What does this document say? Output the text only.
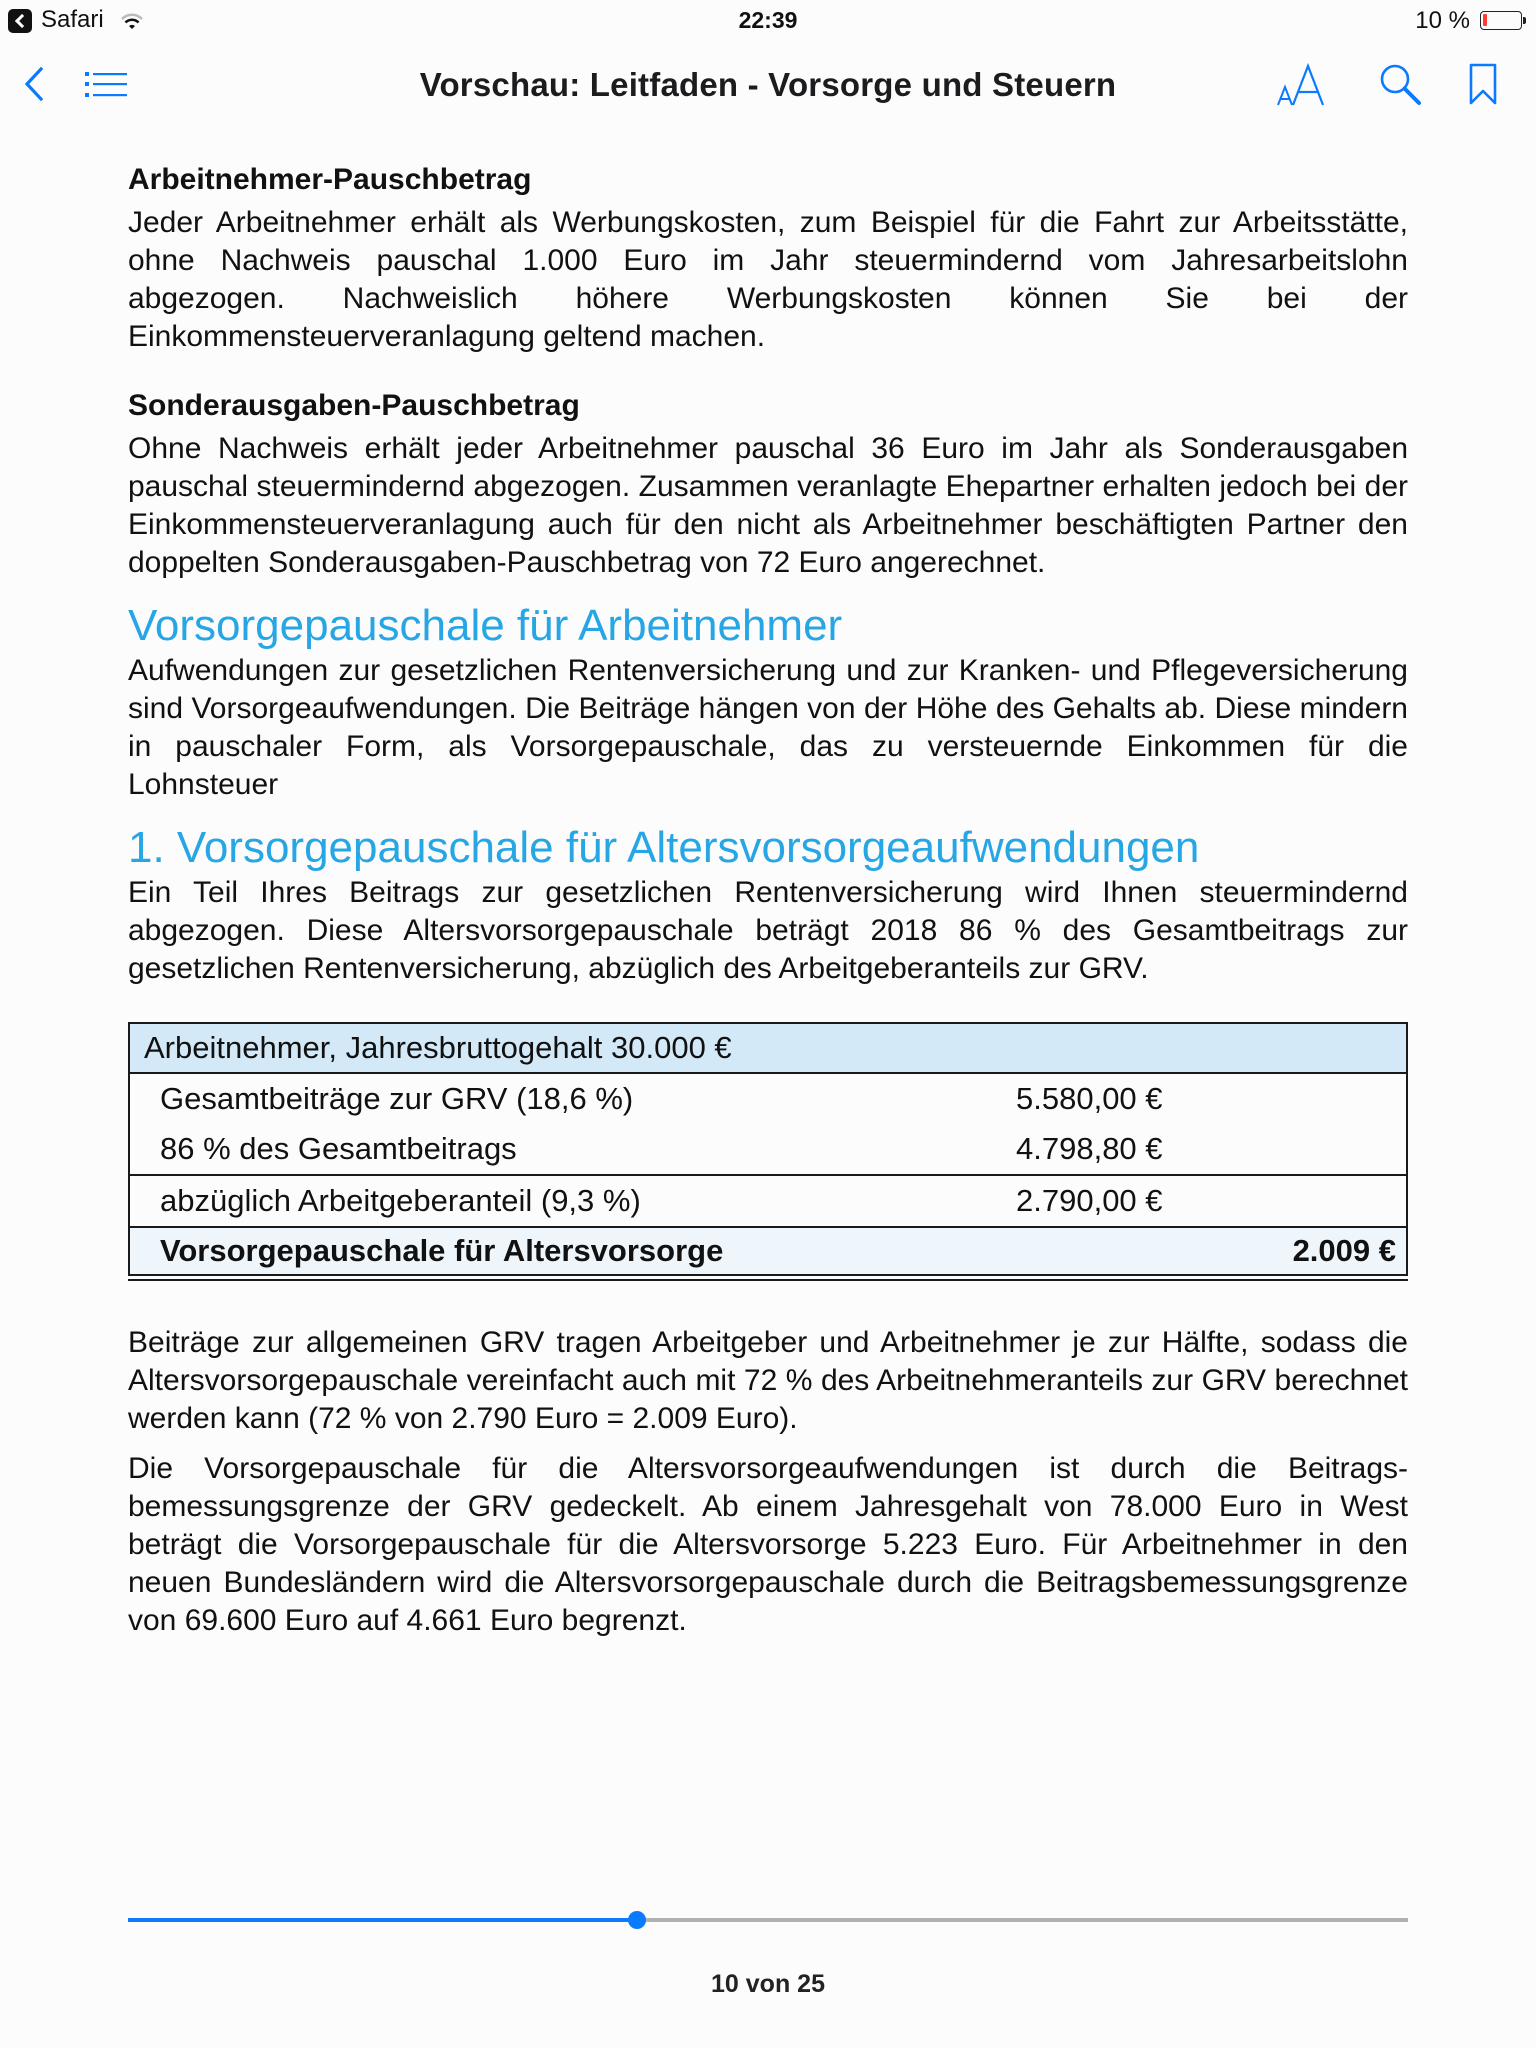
Safari	22:39	10 %
Vorschau: Leitfaden - Vorsorge und Steuern
Arbeitnehmer-Pauschbetrag

Jeder Arbeitnehmer erhält als Werbungskosten, zum Beispiel für die Fahrt zur Arbeitsstätte, ohne Nachweis pauschal 1.000 Euro im Jahr steuermindernd vom Jahresarbeitslohn abgezogen. Nachweislich höhere Werbungskosten können Sie bei der Einkommensteuerveranlagung geltend machen.

Sonderausgaben-Pauschbetrag

Ohne Nachweis erhält jeder Arbeitnehmer pauschal 36 Euro im Jahr als Sonderausgaben pauschal steuermindernd abgezogen. Zusammen veranlagte Ehepartner erhalten jedoch bei der Einkommensteuerveranlagung auch für den nicht als Arbeitnehmer beschäftigten Partner den doppelten Sonderausgaben-Pauschbetrag von 72 Euro angerechnet.

Vorsorgepauschale für Arbeitnehmer

Aufwendungen zur gesetzlichen Rentenversicherung und zur Kranken- und Pflegeversicherung sind Vorsorgeaufwendungen. Die Beiträge hängen von der Höhe des Gehalts ab. Diese mindern in pauschaler Form, als Vorsorgepauschale, das zu versteuernde Einkommen für die Lohnsteuer

1. Vorsorgepauschale für Altersvorsorgeaufwendungen

Ein Teil Ihres Beitrags zur gesetzlichen Rentenversicherung wird Ihnen steuermindernd abgezogen. Diese Altersvorsorgepauschale beträgt 2018 86 % des Gesamtbeitrags zur gesetzlichen Rentenversicherung, abzüglich des Arbeitgeberanteils zur GRV.

Arbeitnehmer, Jahresbruttogehalt 30.000 €	
Gesamtbeiträge zur GRV (18,6 %)	5.580,00 €
86 % des Gesamtbeitrags	4.798,80 €
abzüglich Arbeitgeberanteil (9,3 %)	2.790,00 €
Vorsorgepauschale für Altersvorsorge	2.009 €

Beiträge zur allgemeinen GRV tragen Arbeitgeber und Arbeitnehmer je zur Hälfte, sodass die Altersvorsorgepauschale vereinfacht auch mit 72 % des Arbeitnehmeranteils zur GRV berechnet werden kann (72 % von 2.790 Euro = 2.009 Euro).

Die Vorsorgepauschale für die Altersvorsorgeaufwendungen ist durch die Beitragsbemessungsgrenze der GRV gedeckelt. Ab einem Jahresgehalt von 78.000 Euro in West beträgt die Vorsorgepauschale für die Altersvorsorge 5.223 Euro. Für Arbeitnehmer in den neuen Bundesländern wird die Altersvorsorgepauschale durch die Beitragsbemessungsgrenze von 69.600 Euro auf 4.661 Euro begrenzt.

10 von 25
